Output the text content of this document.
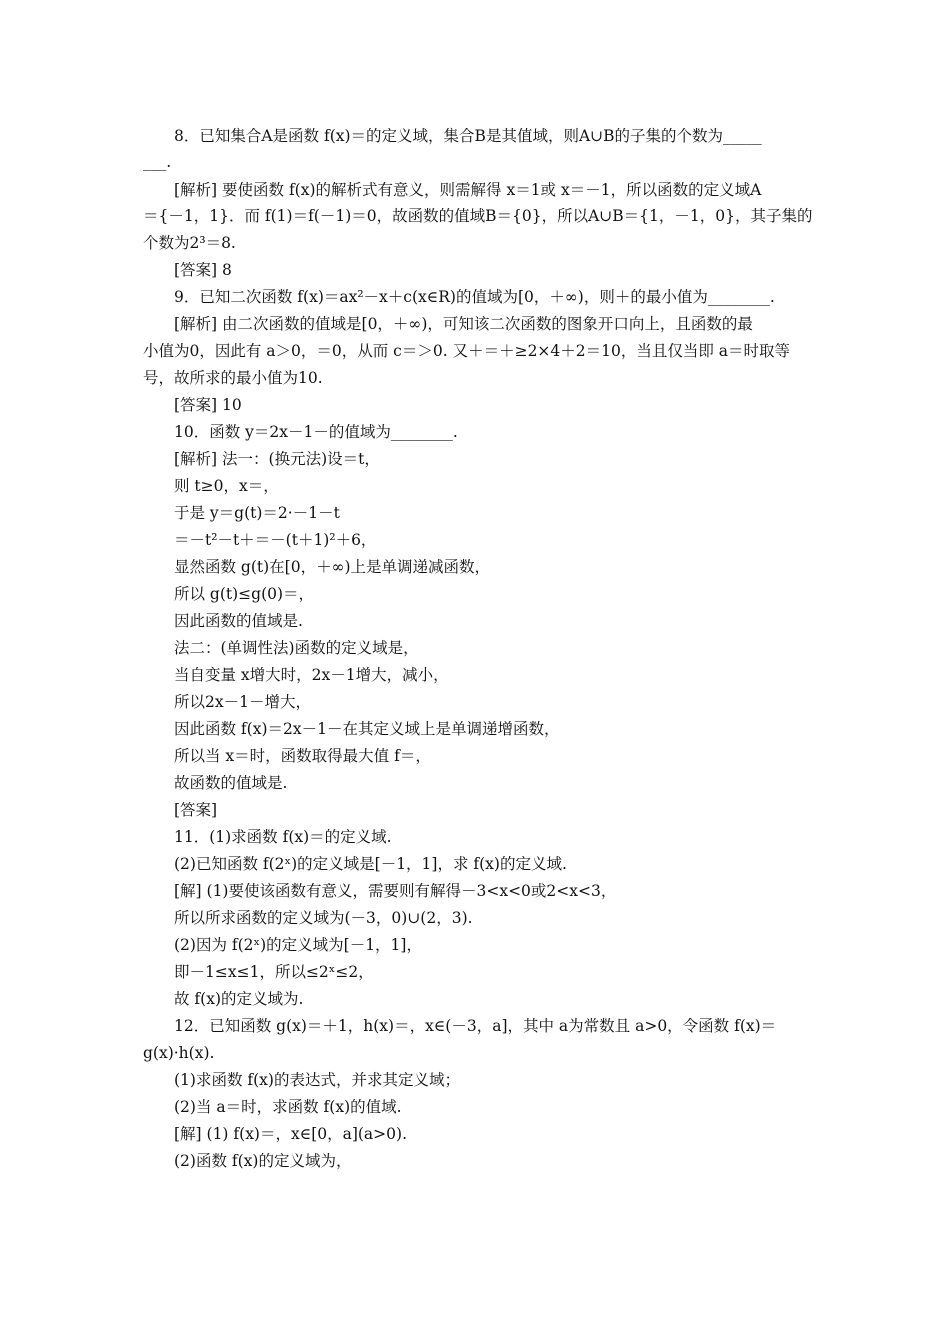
8．已知集合A是函数 f(x)＝的定义域，集合B是其值域，则A∪B的子集的个数为_____
___.
[解析] 要使函数 f(x)的解析式有意义，则需解得 x＝1或 x＝－1，所以函数的定义域A
＝{－1，1}．而 f(1)＝f(－1)＝0，故函数的值域B＝{0}，所以A∪B＝{1，－1，0}，其子集的
个数为2³＝8.
[答案] 8
9．已知二次函数 f(x)＝ax²－x＋c(x∈R)的值域为[0，＋∞)，则＋的最小值为________.
[解析] 由二次函数的值域是[0，＋∞)，可知该二次函数的图象开口向上，且函数的最
小值为0，因此有 a＞0，＝0，从而 c＝＞0. 又＋＝＋≥2×4＋2＝10，当且仅当即 a＝时取等
号，故所求的最小值为10.
[答案] 10
10．函数 y＝2x－1－的值域为________.
[解析] 法一：(换元法)设＝t，
则 t≥0，x＝，
于是 y＝g(t)＝2·－1－t
＝－t²－t＋＝－(t＋1)²＋6，
显然函数 g(t)在[0，＋∞)上是单调递减函数，
所以 g(t)≤g(0)＝，
因此函数的值域是.
法二：(单调性法)函数的定义域是，
当自变量 x增大时，2x－1增大，减小，
所以2x－1－增大，
因此函数 f(x)＝2x－1－在其定义域上是单调递增函数，
所以当 x＝时，函数取得最大值 f＝，
故函数的值域是.
[答案]
11．(1)求函数 f(x)＝的定义域.
(2)已知函数 f(2ˣ)的定义域是[－1，1]，求 f(x)的定义域.
[解] (1)要使该函数有意义，需要则有解得－3<x<0或2<x<3，
所以所求函数的定义域为(－3，0)∪(2，3).
(2)因为 f(2ˣ)的定义域为[－1，1]，
即－1≤x≤1，所以≤2ˣ≤2，
故 f(x)的定义域为.
12．已知函数 g(x)＝＋1，h(x)＝，x∈(－3，a]，其中 a为常数且 a>0，令函数 f(x)＝
g(x)·h(x).
(1)求函数 f(x)的表达式，并求其定义域；
(2)当 a＝时，求函数 f(x)的值域.
[解] (1) f(x)＝，x∈[0，a](a>0).
(2)函数 f(x)的定义域为，
